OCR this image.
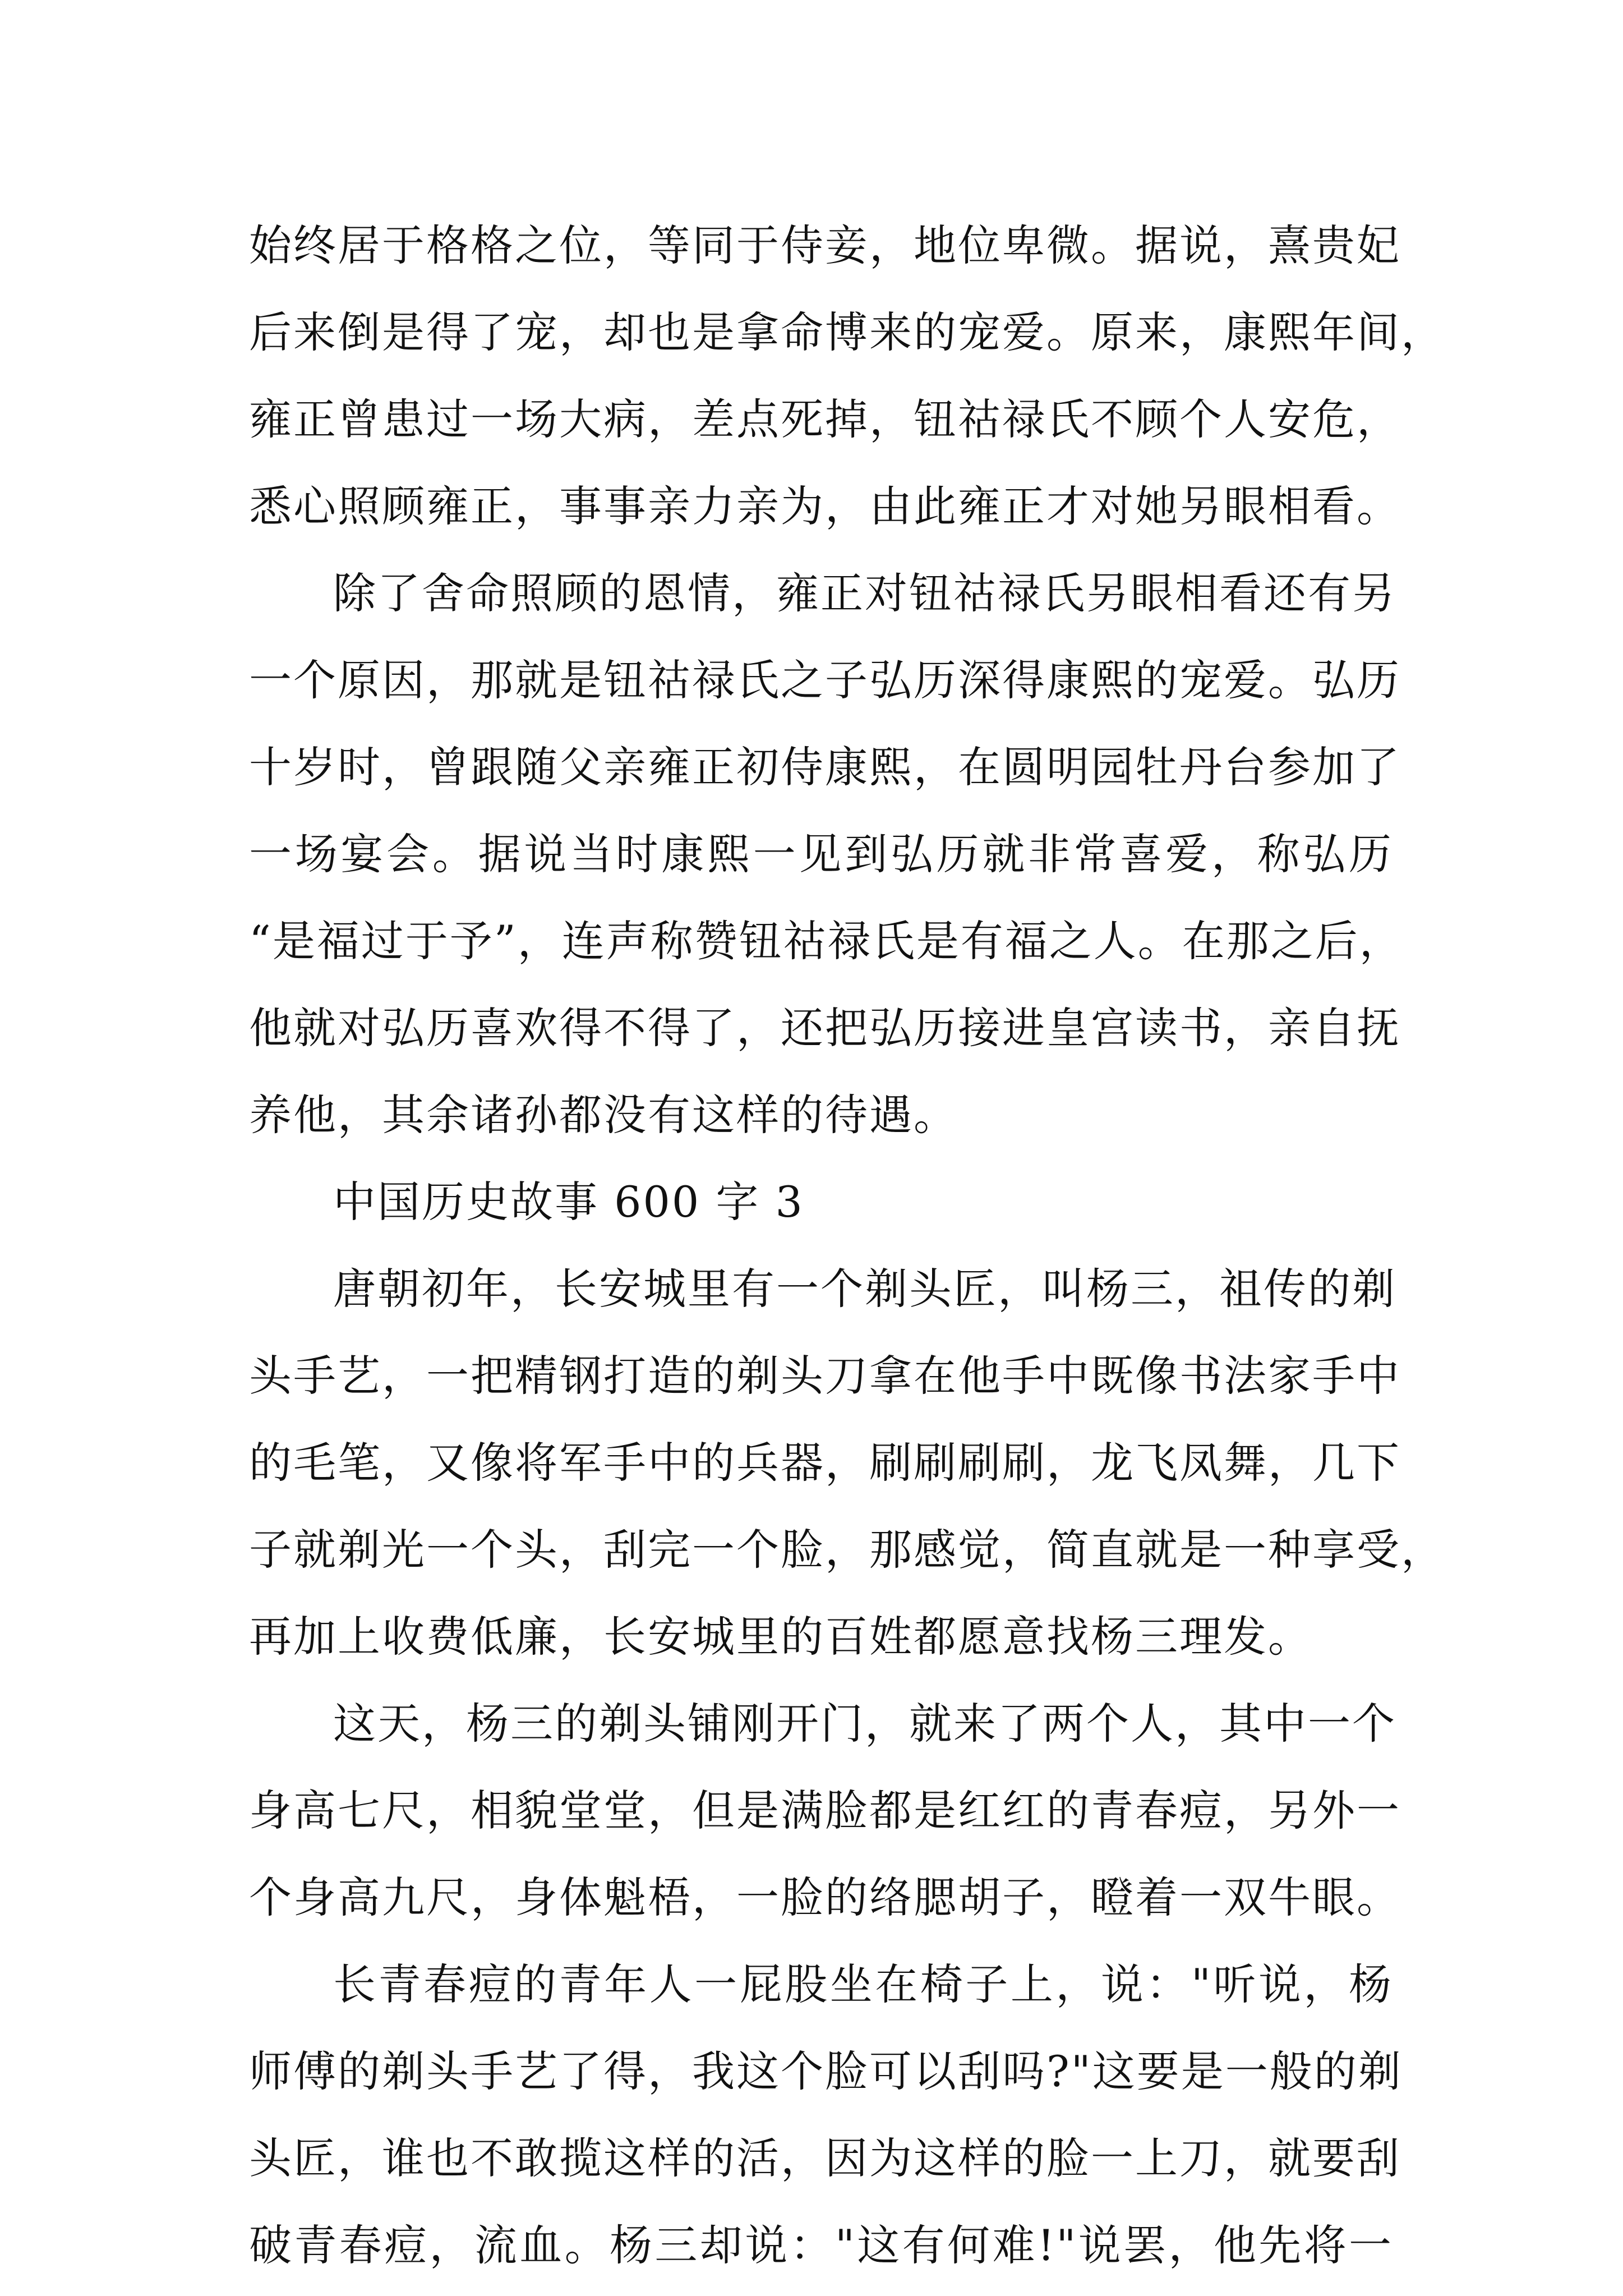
始终居于格格之位，等同于侍妾，地位卑微。据说，熹贵妃
后来倒是得了宠，却也是拿命博来的宠爱。原来，康熙年间，
雍正曾患过一场大病，差点死掉，钮祜禄氏不顾个人安危，
悉心照顾雍正，事事亲力亲为，由此雍正才对她另眼相看。
除了舍命照顾的恩情，雍正对钮祜禄氏另眼相看还有另
一个原因，那就是钮祜禄氏之子弘历深得康熙的宠爱。弘历
十岁时，曾跟随父亲雍正初侍康熙，在圆明园牡丹台参加了
一场宴会。据说当时康熙一见到弘历就非常喜爱，称弘历
“是福过于予”，连声称赞钮祜禄氏是有福之人。在那之后，
他就对弘历喜欢得不得了，还把弘历接进皇宫读书，亲自抚
养他，其余诸孙都没有这样的待遇。
中国历史故事 600 字 3
唐朝初年，长安城里有一个剃头匠，叫杨三，祖传的剃
头手艺，一把精钢打造的剃头刀拿在他手中既像书法家手中
的毛笔，又像将军手中的兵器，刷刷刷刷，龙飞凤舞，几下
子就剃光一个头，刮完一个脸，那感觉，简直就是一种享受，
再加上收费低廉，长安城里的百姓都愿意找杨三理发。
这天，杨三的剃头铺刚开门，就来了两个人，其中一个
身高七尺，相貌堂堂，但是满脸都是红红的青春痘，另外一
个身高九尺，身体魁梧，一脸的络腮胡子，瞪着一双牛眼。
长青春痘的青年人一屁股坐在椅子上，说："听说，杨
师傅的剃头手艺了得，我这个脸可以刮吗?"这要是一般的剃
头匠，谁也不敢揽这样的活，因为这样的脸一上刀，就要刮
破青春痘，流血。杨三却说："这有何难!"说罢，他先将一
